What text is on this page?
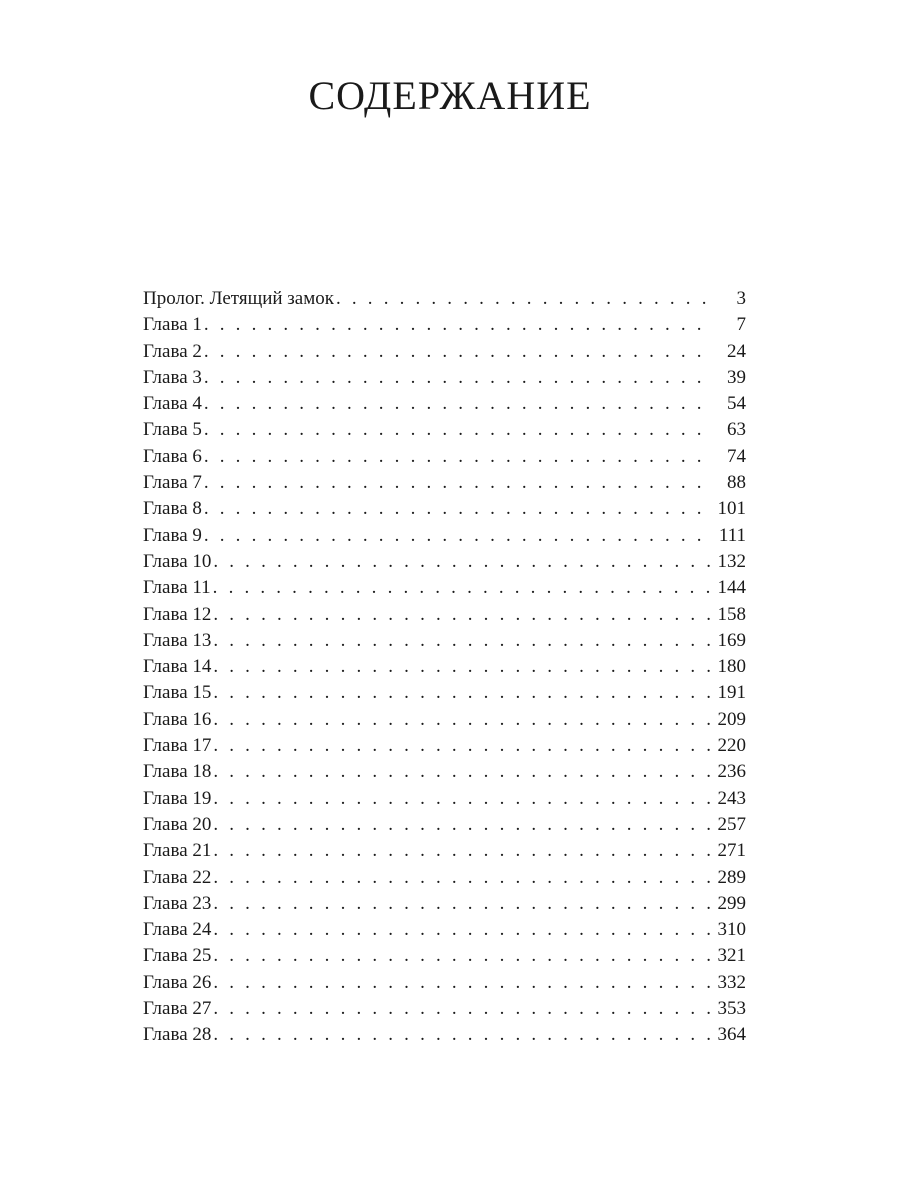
СОДЕРЖАНИЕ
Пролог. Летящий замок . . .	3
Глава 1 . . .	7
Глава 2 . . .	24
Глава 3 . . .	39
Глава 4 . . .	54
Глава 5 . . .	63
Глава 6 . . .	74
Глава 7 . . .	88
Глава 8 . . .	101
Глава 9 . . .	111
Глава 10 . . .	132
Глава 11 . . .	144
Глава 12 . . .	158
Глава 13 . . .	169
Глава 14 . . .	180
Глава 15 . . .	191
Глава 16 . . .	209
Глава 17 . . .	220
Глава 18 . . .	236
Глава 19 . . .	243
Глава 20 . . .	257
Глава 21 . . .	271
Глава 22 . . .	289
Глава 23 . . .	299
Глава 24 . . .	310
Глава 25 . . .	321
Глава 26 . . .	332
Глава 27 . . .	353
Глава 28 . . .	364
